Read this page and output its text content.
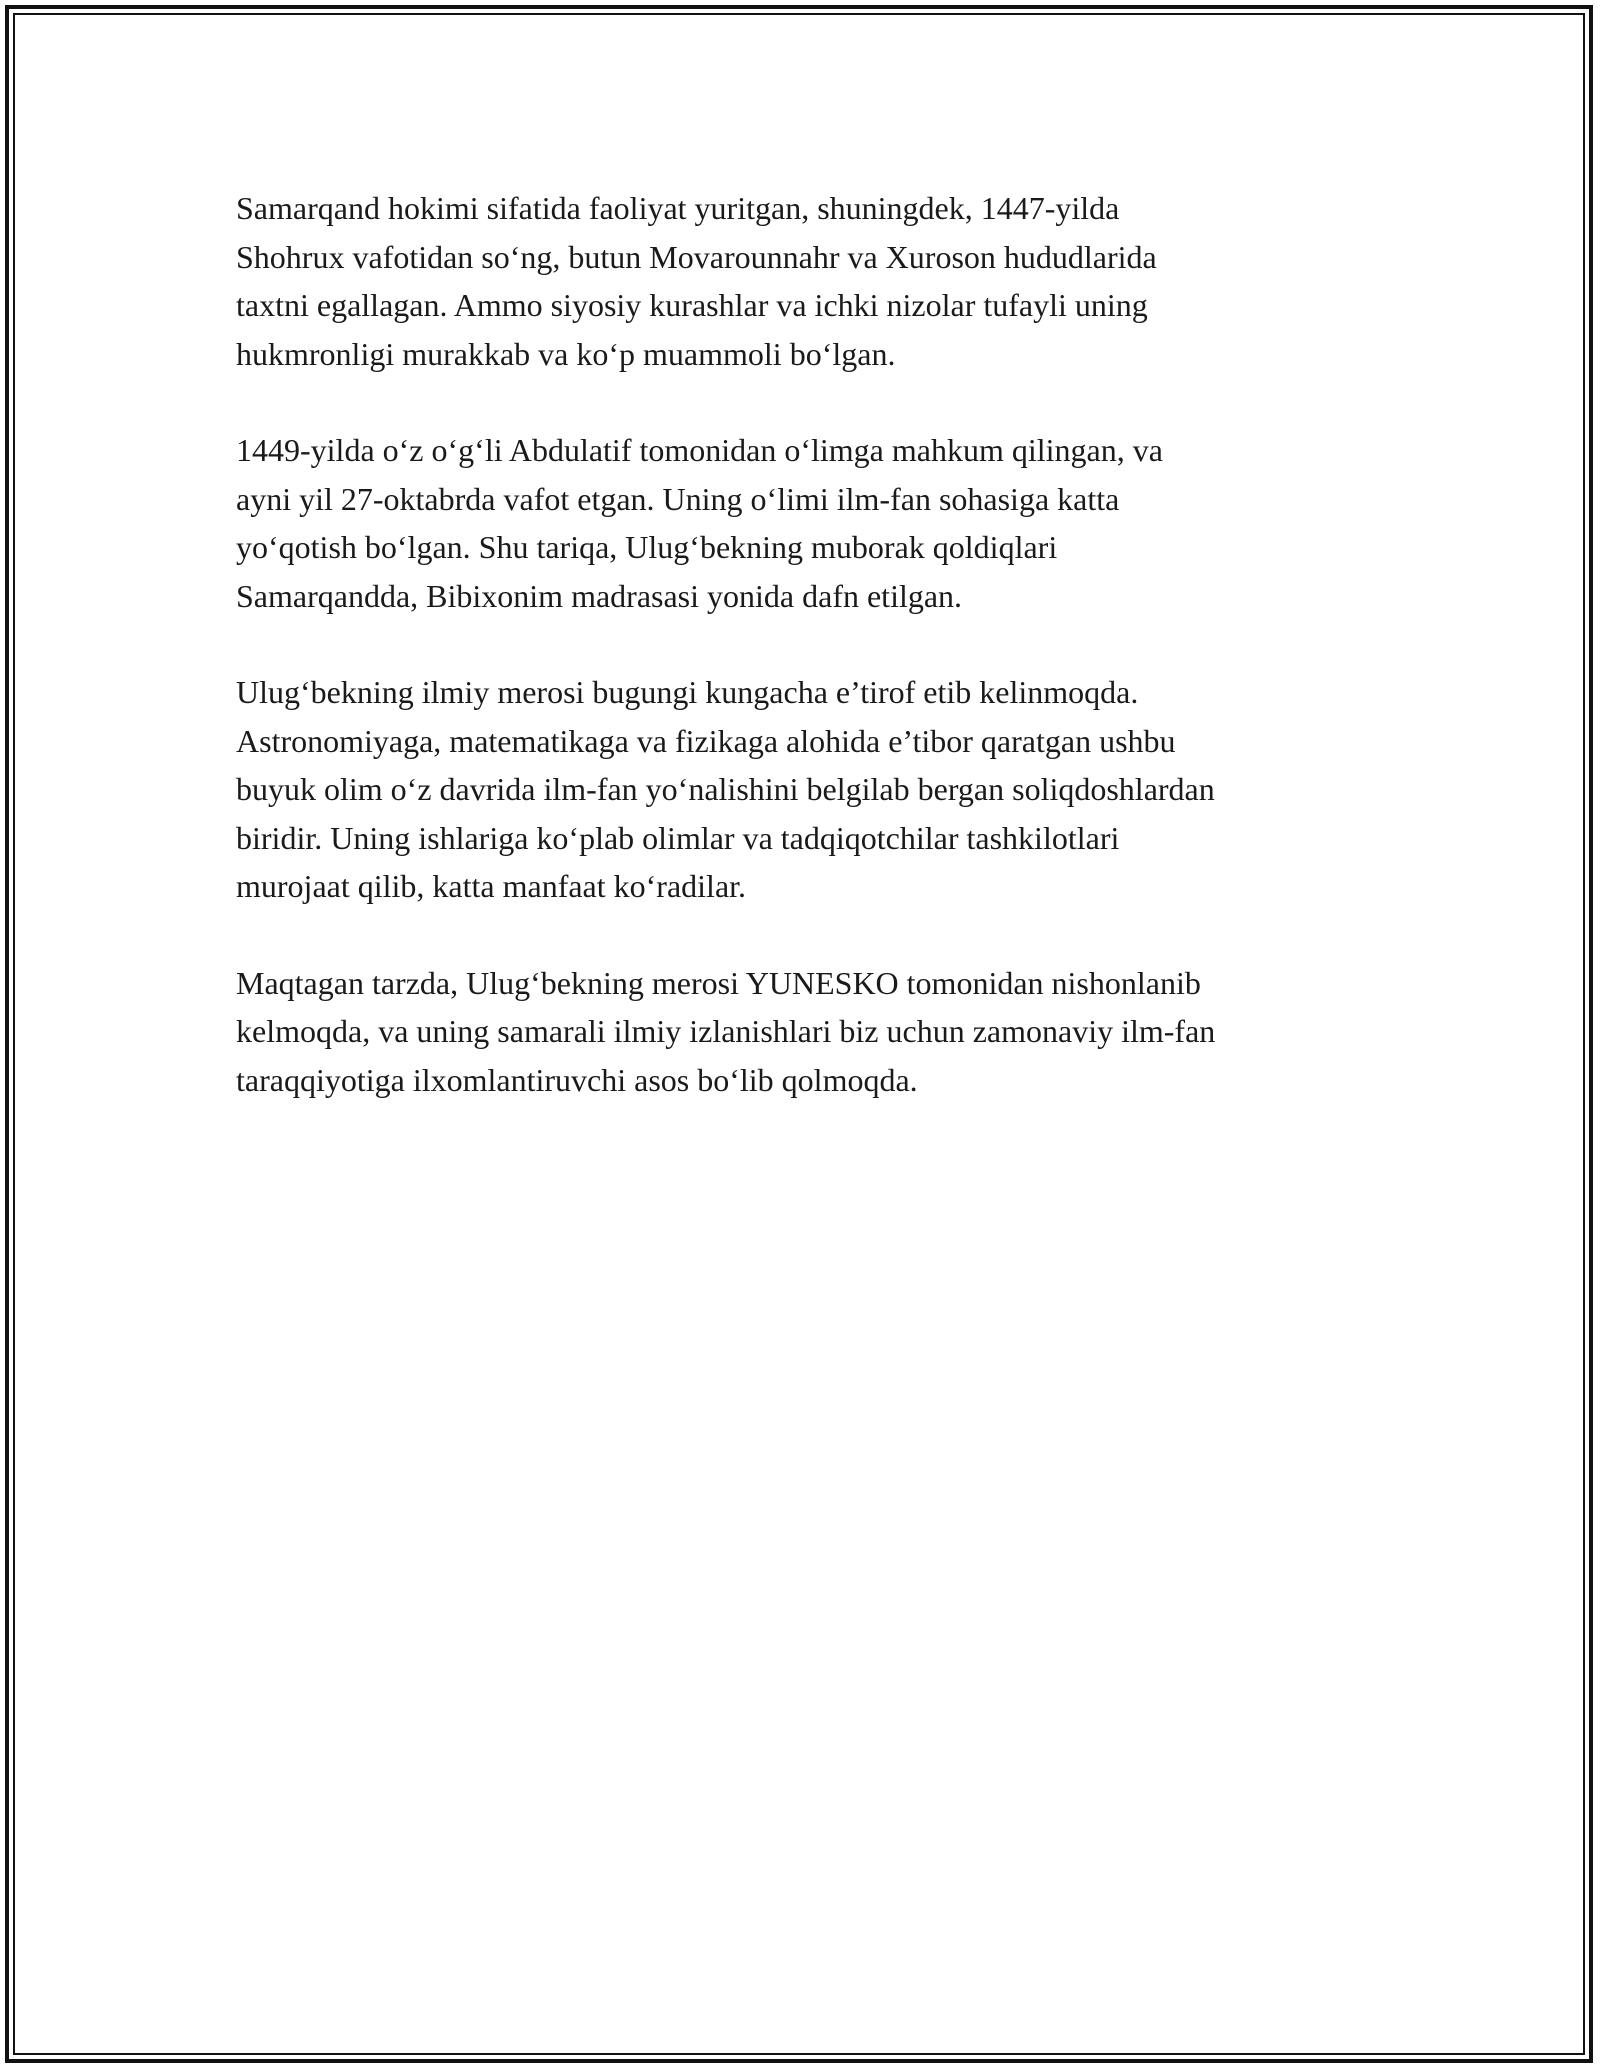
Samarqand hokimi sifatida faoliyat yuritgan, shuningdek, 1447-yilda
Shohrux vafotidan so‘ng, butun Movarounnahr va Xuroson hududlarida
taxtni egallagan. Ammo siyosiy kurashlar va ichki nizolar tufayli uning
hukmronligi murakkab va ko‘p muammoli bo‘lgan.

1449-yilda o‘z o‘g‘li Abdulatif tomonidan o‘limga mahkum qilingan, va
ayni yil 27-oktabrda vafot etgan. Uning o‘limi ilm-fan sohasiga katta
yo‘qotish bo‘lgan. Shu tariqa, Ulug‘bekning muborak qoldiqlari
Samarqandda, Bibixonim madrasasi yonida dafn etilgan.

Ulug‘bekning ilmiy merosi bugungi kungacha e’tirof etib kelinmoqda.
Astronomiyaga, matematikaga va fizikaga alohida e’tibor qaratgan ushbu
buyuk olim o‘z davrida ilm-fan yo‘nalishini belgilab bergan soliqdoshlardan
biridir. Uning ishlariga ko‘plab olimlar va tadqiqotchilar tashkilotlari
murojaat qilib, katta manfaat ko‘radilar.

Maqtagan tarzda, Ulug‘bekning merosi YUNESKO tomonidan nishonlanib
kelmoqda, va uning samarali ilmiy izlanishlari biz uchun zamonaviy ilm-fan
taraqqiyotiga ilxomlantiruvchi asos bo‘lib qolmoqda.
